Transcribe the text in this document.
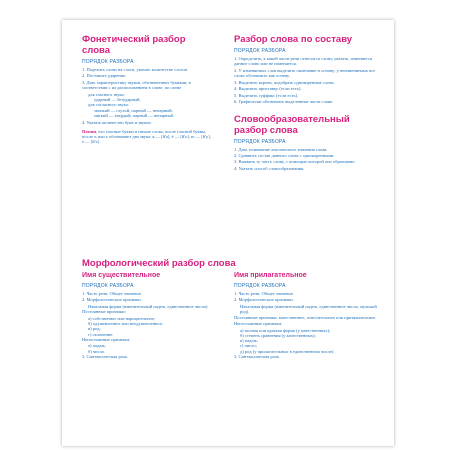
Фонетический разбор слова
ПОРЯДОК РАЗБОРА
1. Поделить слово на слоги, указать количество слогов.
2. Поставить ударение.
3. Дать характеристику звуков, обозначенных буквами, в соответствии с их расположением в слове, по схеме
для гласного звука:
ударный — безударный;
для согласного звука:
звонкий — глухой, парный — непарный;
мягкий — твердый, парный — непарный.
4. Указать количество букв и звуков.
Помни, что гласные буквы в начале слова, после гласной буквы, после ъ или ь обозначают два звука: я — [й'а], ё — [й'о], ю — [й'у], е — [й'э].
Разбор слова по составу
ПОРЯДОК РАЗБОРА
1. Определить, к какой части речи относится слово; указать, изменяется данное слово или не изменяется.
2. У изменяемых слов выделить окончание и основу; у неизменяемых все слово обозначить как основу.
3. Выделить корень, подобрать однокоренные слова.
4. Выделить приставку (если есть).
5. Выделить суффикс (если есть).
6. Графически обозначить выделенные части слова.
Словообразовательный разбор слова
ПОРЯДОК РАЗБОРА
1. Дать толкование лексического значения слова.
2. Сравнить состав данного слова с однокоренными.
3. Выявить ту часть слова, с помощью которой оно образовано.
4. Указать способ словообразования.
Морфологический разбор слова
Имя существительное
ПОРЯДОК РАЗБОРА
1. Часть речи. Общее значение.
2. Морфологические признаки.
Начальная форма (именительный падеж, единственное число).
Постоянные признаки:
а) собственное или нарицательное;
б) одушевленное или неодушевленное;
в) род;
г) склонение.
Непостоянные признаки:
а) падеж;
б) число.
3. Синтаксическая роль.
Имя прилагательное
ПОРЯДОК РАЗБОРА
1. Часть речи. Общее значение.
2. Морфологические признаки.
Начальная форма (именительный падеж, единственное число, мужской род).
Постоянные признаки: качественное, относительное или притяжательное.
Непостоянные признаки:
а) полная или краткая форма (у качественных);
б) степень сравнения (у качественных);
в) падеж;
г) число;
д) род (у прилагательных в единственном числе).
3. Синтаксическая роль.
